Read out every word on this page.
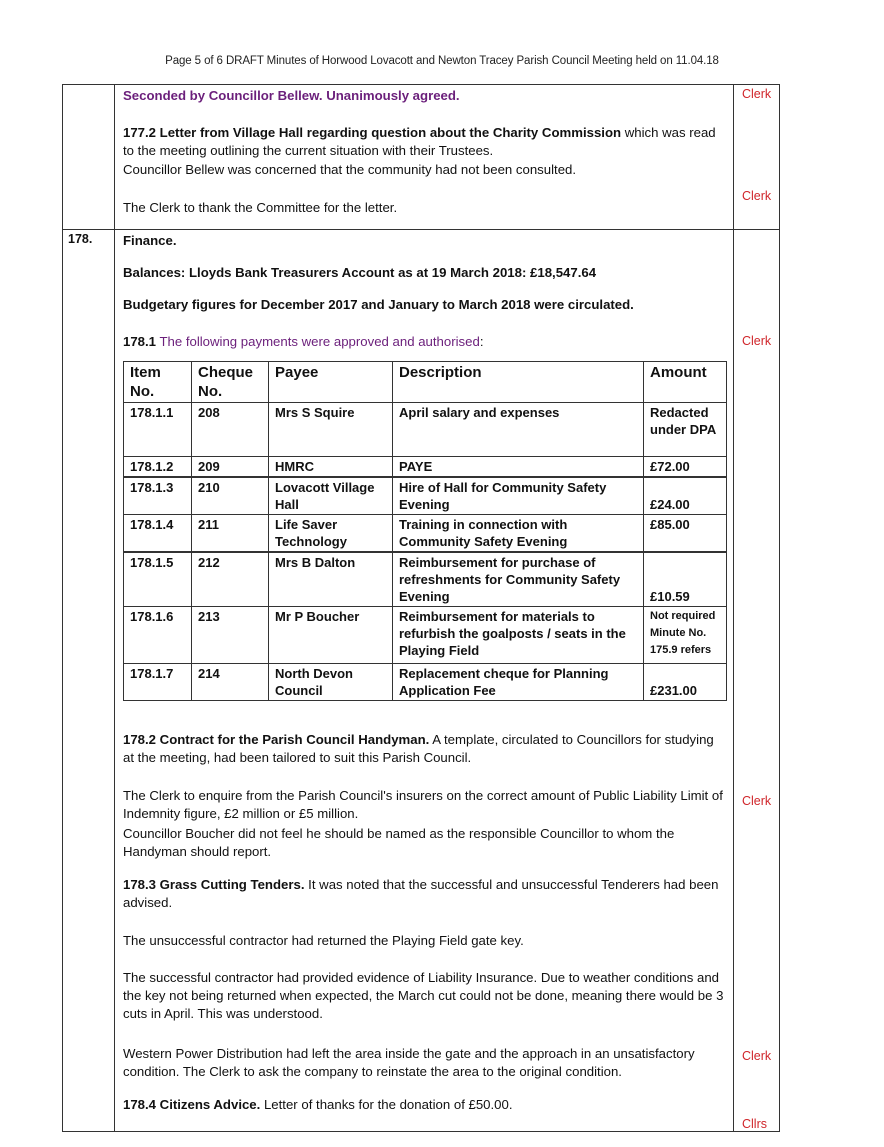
Page 5 of 6 DRAFT Minutes of Horwood Lovacott and Newton Tracey Parish Council Meeting held on 11.04.18
Seconded by Councillor Bellew. Unanimously agreed.
177.2 Letter from Village Hall regarding question about the Charity Commission which was read to the meeting outlining the current situation with their Trustees.
Councillor Bellew was concerned that the community had not been consulted.
The Clerk to thank the Committee for the letter.
178. Finance.
Balances: Lloyds Bank Treasurers Account as at 19 March 2018: £18,547.64
Budgetary figures for December 2017 and January to March 2018 were circulated.
178.1 The following payments were approved and authorised:
Item No.	Cheque No.	Payee	Description	Amount
178.1.1	208	Mrs S Squire	April salary and expenses	Redacted under DPA
178.1.2	209	HMRC	PAYE	£72.00
178.1.3	210	Lovacott Village Hall	Hire of Hall for Community Safety Evening	£24.00
178.1.4	211	Life Saver Technology	Training in connection with Community Safety Evening	£85.00
178.1.5	212	Mrs B Dalton	Reimbursement for purchase of refreshments for Community Safety Evening	£10.59
178.1.6	213	Mr P Boucher	Reimbursement for materials to refurbish the goalposts / seats in the Playing Field	Not required Minute No. 175.9 refers
178.1.7	214	North Devon Council	Replacement cheque for Planning Application Fee	£231.00
178.2 Contract for the Parish Council Handyman. A template, circulated to Councillors for studying at the meeting, had been tailored to suit this Parish Council.
The Clerk to enquire from the Parish Council's insurers on the correct amount of Public Liability Limit of Indemnity figure, £2 million or £5 million.
Councillor Boucher did not feel he should be named as the responsible Councillor to whom the Handyman should report.
178.3 Grass Cutting Tenders. It was noted that the successful and unsuccessful Tenderers had been advised.
The unsuccessful contractor had returned the Playing Field gate key.
The successful contractor had provided evidence of Liability Insurance. Due to weather conditions and the key not being returned when expected, the March cut could not be done, meaning there would be 3 cuts in April. This was understood.
Western Power Distribution had left the area inside the gate and the approach in an unsatisfactory condition. The Clerk to ask the company to reinstate the area to the original condition.
178.4 Citizens Advice. Letter of thanks for the donation of £50.00.
Clerk
Clerk
Clerk
Clerk
Clerk
Cllrs
